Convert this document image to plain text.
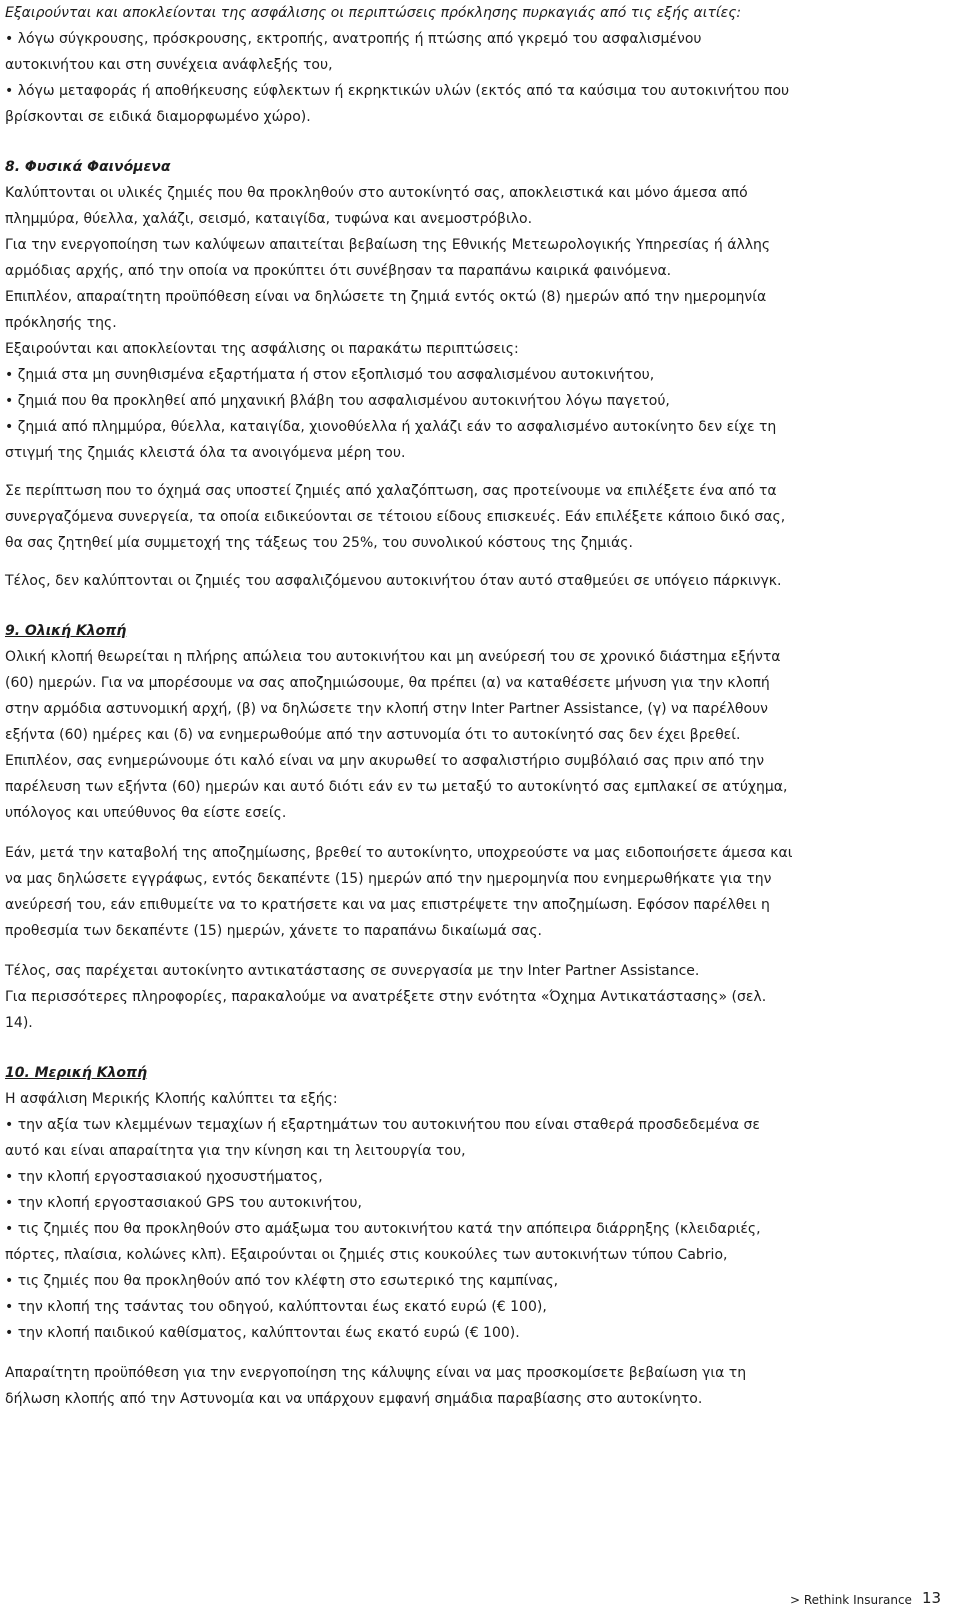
Εξαιρούνται και αποκλείονται της ασφάλισης οι περιπτώσεις πρόκλησης πυρκαγιάς από τις εξής αιτίες:

• λόγω σύγκρουσης, πρόσκρουσης, εκτροπής, ανατροπής ή πτώσης από γκρεμό του ασφαλισμένου αυτοκινήτου και στη συνέχεια ανάφλεξής του,

• λόγω μεταφοράς ή αποθήκευσης εύφλεκτων ή εκρηκτικών υλών (εκτός από τα καύσιμα του αυτοκινήτου που βρίσκονται σε ειδικά διαμορφωμένο χώρο).

8. Φυσικά Φαινόμενα

Καλύπτονται οι υλικές ζημιές που θα προκληθούν στο αυτοκίνητό σας, αποκλειστικά και μόνο άμεσα από πλημμύρα, θύελλα, χαλάζι, σεισμό, καταιγίδα, τυφώνα και ανεμοστρόβιλο.

Για την ενεργοποίηση των καλύψεων απαιτείται βεβαίωση της Εθνικής Μετεωρολογικής Υπηρεσίας ή άλλης αρμόδιας αρχής, από την οποία να προκύπτει ότι συνέβησαν τα παραπάνω καιρικά φαινόμενα.

Επιπλέον, απαραίτητη προϋπόθεση είναι να δηλώσετε τη ζημιά εντός οκτώ (8) ημερών από την ημερομηνία πρόκλησής της.

Εξαιρούνται και αποκλείονται της ασφάλισης οι παρακάτω περιπτώσεις:

• ζημιά στα μη συνηθισμένα εξαρτήματα ή στον εξοπλισμό του ασφαλισμένου αυτοκινήτου,

• ζημιά που θα προκληθεί από μηχανική βλάβη του ασφαλισμένου αυτοκινήτου λόγω παγετού,

• ζημιά από πλημμύρα, θύελλα, καταιγίδα, χιονοθύελλα ή χαλάζι εάν το ασφαλισμένο αυτοκίνητο δεν είχε τη στιγμή της ζημιάς κλειστά όλα τα ανοιγόμενα μέρη του.

Σε περίπτωση που το όχημά σας υποστεί ζημιές από χαλαζόπτωση, σας προτείνουμε να επιλέξετε ένα από τα συνεργαζόμενα συνεργεία, τα οποία ειδικεύονται σε τέτοιου είδους επισκευές. Εάν επιλέξετε κάποιο δικό σας, θα σας ζητηθεί μία συμμετοχή της τάξεως του 25%, του συνολικού κόστους της ζημιάς.

Τέλος, δεν καλύπτονται οι ζημιές του ασφαλιζόμενου αυτοκινήτου όταν αυτό σταθμεύει σε υπόγειο πάρκινγκ.

9. Ολική Κλοπή

Ολική κλοπή θεωρείται η πλήρης απώλεια του αυτοκινήτου και μη ανεύρεσή του σε χρονικό διάστημα εξήντα (60) ημερών. Για να μπορέσουμε να σας αποζημιώσουμε, θα πρέπει (α) να καταθέσετε μήνυση για την κλοπή στην αρμόδια αστυνομική αρχή, (β) να δηλώσετε την κλοπή στην Inter Partner Assistance, (γ) να παρέλθουν εξήντα (60) ημέρες και (δ) να ενημερωθούμε από την αστυνομία ότι το αυτοκίνητό σας δεν έχει βρεθεί.

Επιπλέον, σας ενημερώνουμε ότι καλό είναι να μην ακυρωθεί το ασφαλιστήριο συμβόλαιό σας πριν από την παρέλευση των εξήντα (60) ημερών και αυτό διότι εάν εν τω μεταξύ το αυτοκίνητό σας εμπλακεί σε ατύχημα, υπόλογος και υπεύθυνος θα είστε εσείς.

Εάν, μετά την καταβολή της αποζημίωσης, βρεθεί το αυτοκίνητο, υποχρεούστε να μας ειδοποιήσετε άμεσα και να μας δηλώσετε εγγράφως, εντός δεκαπέντε (15) ημερών από την ημερομηνία που ενημερωθήκατε για την ανεύρεσή του, εάν επιθυμείτε να το κρατήσετε και να μας επιστρέψετε την αποζημίωση. Εφόσον παρέλθει η προθεσμία των δεκαπέντε (15) ημερών, χάνετε το παραπάνω δικαίωμά σας.

Τέλος, σας παρέχεται αυτοκίνητο αντικατάστασης σε συνεργασία με την Inter Partner Assistance.

Για περισσότερες πληροφορίες, παρακαλούμε να ανατρέξετε στην ενότητα «Όχημα Αντικατάστασης» (σελ. 14).

10. Μερική Κλοπή

Η ασφάλιση Μερικής Κλοπής καλύπτει τα εξής:

• την αξία των κλεμμένων τεμαχίων ή εξαρτημάτων του αυτοκινήτου που είναι σταθερά προσδεδεμένα σε αυτό και είναι απαραίτητα για την κίνηση και τη λειτουργία του,

• την κλοπή εργοστασιακού ηχοσυστήματος,

• την κλοπή εργοστασιακού GPS του αυτοκινήτου,

• τις ζημιές που θα προκληθούν στο αμάξωμα του αυτοκινήτου κατά την απόπειρα διάρρηξης (κλειδαριές, πόρτες, πλαίσια, κολώνες κλπ). Εξαιρούνται οι ζημιές στις κουκούλες των αυτοκινήτων τύπου Cabrio,

• τις ζημιές που θα προκληθούν από τον κλέφτη στο εσωτερικό της καμπίνας,

• την κλοπή της τσάντας του οδηγού, καλύπτονται έως εκατό ευρώ (€ 100),

• την κλοπή παιδικού καθίσματος, καλύπτονται έως εκατό ευρώ (€ 100).

Απαραίτητη προϋπόθεση για την ενεργοποίηση της κάλυψης είναι να μας προσκομίσετε βεβαίωση για τη δήλωση κλοπής από την Αστυνομία και να υπάρχουν εμφανή σημάδια παραβίασης στο αυτοκίνητο.

> Rethink Insurance 13
